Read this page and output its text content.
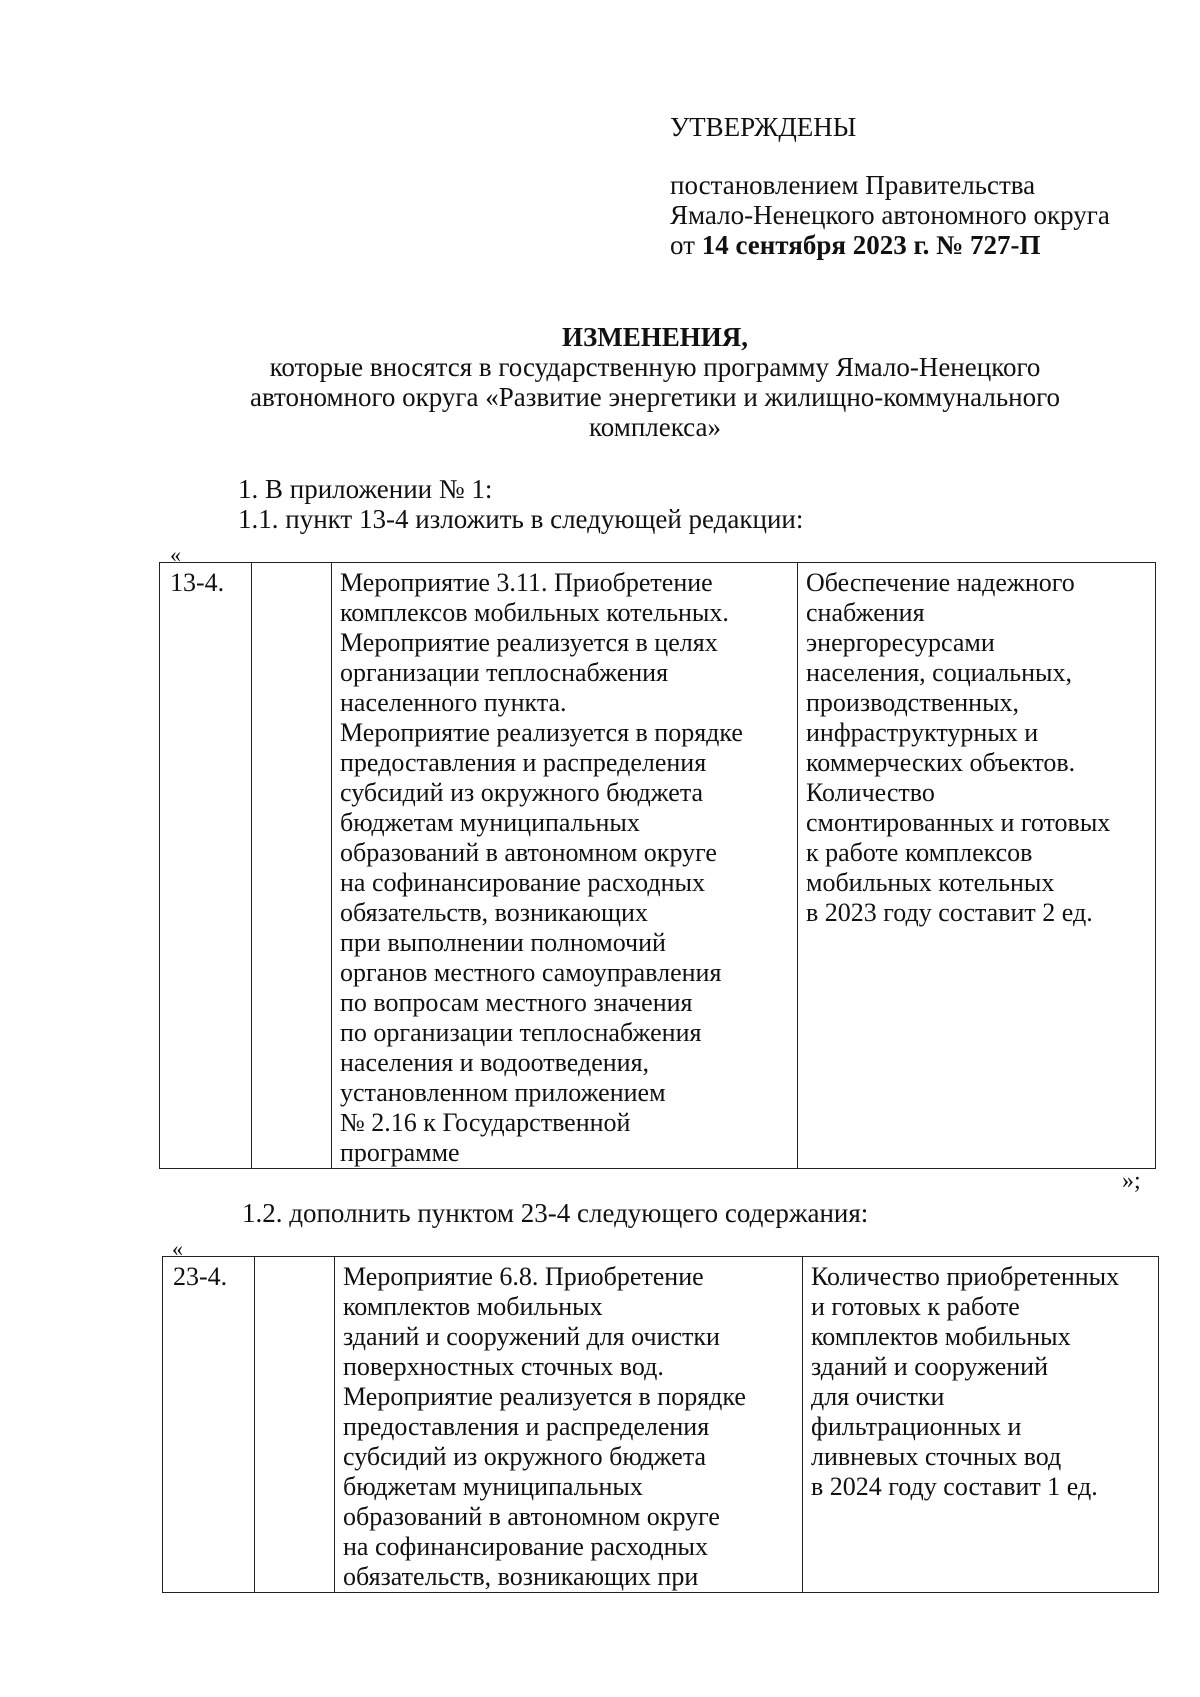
УТВЕРЖДЕНЫ
постановлением Правительства
Ямало-Ненецкого автономного округа
от 14 сентября 2023 г. № 727-П
ИЗМЕНЕНИЯ,
которые вносятся в государственную программу Ямало-Ненецкого
автономного округа «Развитие энергетики и жилищно-коммунального
комплекса»
1. В приложении № 1:
1.1. пункт 13-4 изложить в следующей редакции:
«
13-4.		Мероприятие 3.11. Приобретение
комплексов мобильных котельных.
Мероприятие реализуется в целях
организации теплоснабжения
населенного пункта.
Мероприятие реализуется в порядке
предоставления и распределения
субсидий из окружного бюджета
бюджетам муниципальных
образований в автономном округе
на софинансирование расходных
обязательств, возникающих
при выполнении полномочий
органов местного самоуправления
по вопросам местного значения
по организации теплоснабжения
населения и водоотведения,
установленном приложением
№ 2.16 к Государственной
программе	Обеспечение надежного
снабжения
энергоресурсами
населения, социальных,
производственных,
инфраструктурных и
коммерческих объектов.
Количество
смонтированных и готовых
к работе комплексов
мобильных котельных
в 2023 году составит 2 ед.
»;
1.2. дополнить пунктом 23-4 следующего содержания:
«
23-4.		Мероприятие 6.8. Приобретение
комплектов мобильных
зданий и сооружений для очистки
поверхностных сточных вод.
Мероприятие реализуется в порядке
предоставления и распределения
субсидий из окружного бюджета
бюджетам муниципальных
образований в автономном округе
на софинансирование расходных
обязательств, возникающих при	Количество приобретенных
и готовых к работе
комплектов мобильных
зданий и сооружений
для очистки
фильтрационных и
ливневых сточных вод
в 2024 году составит 1 ед.
